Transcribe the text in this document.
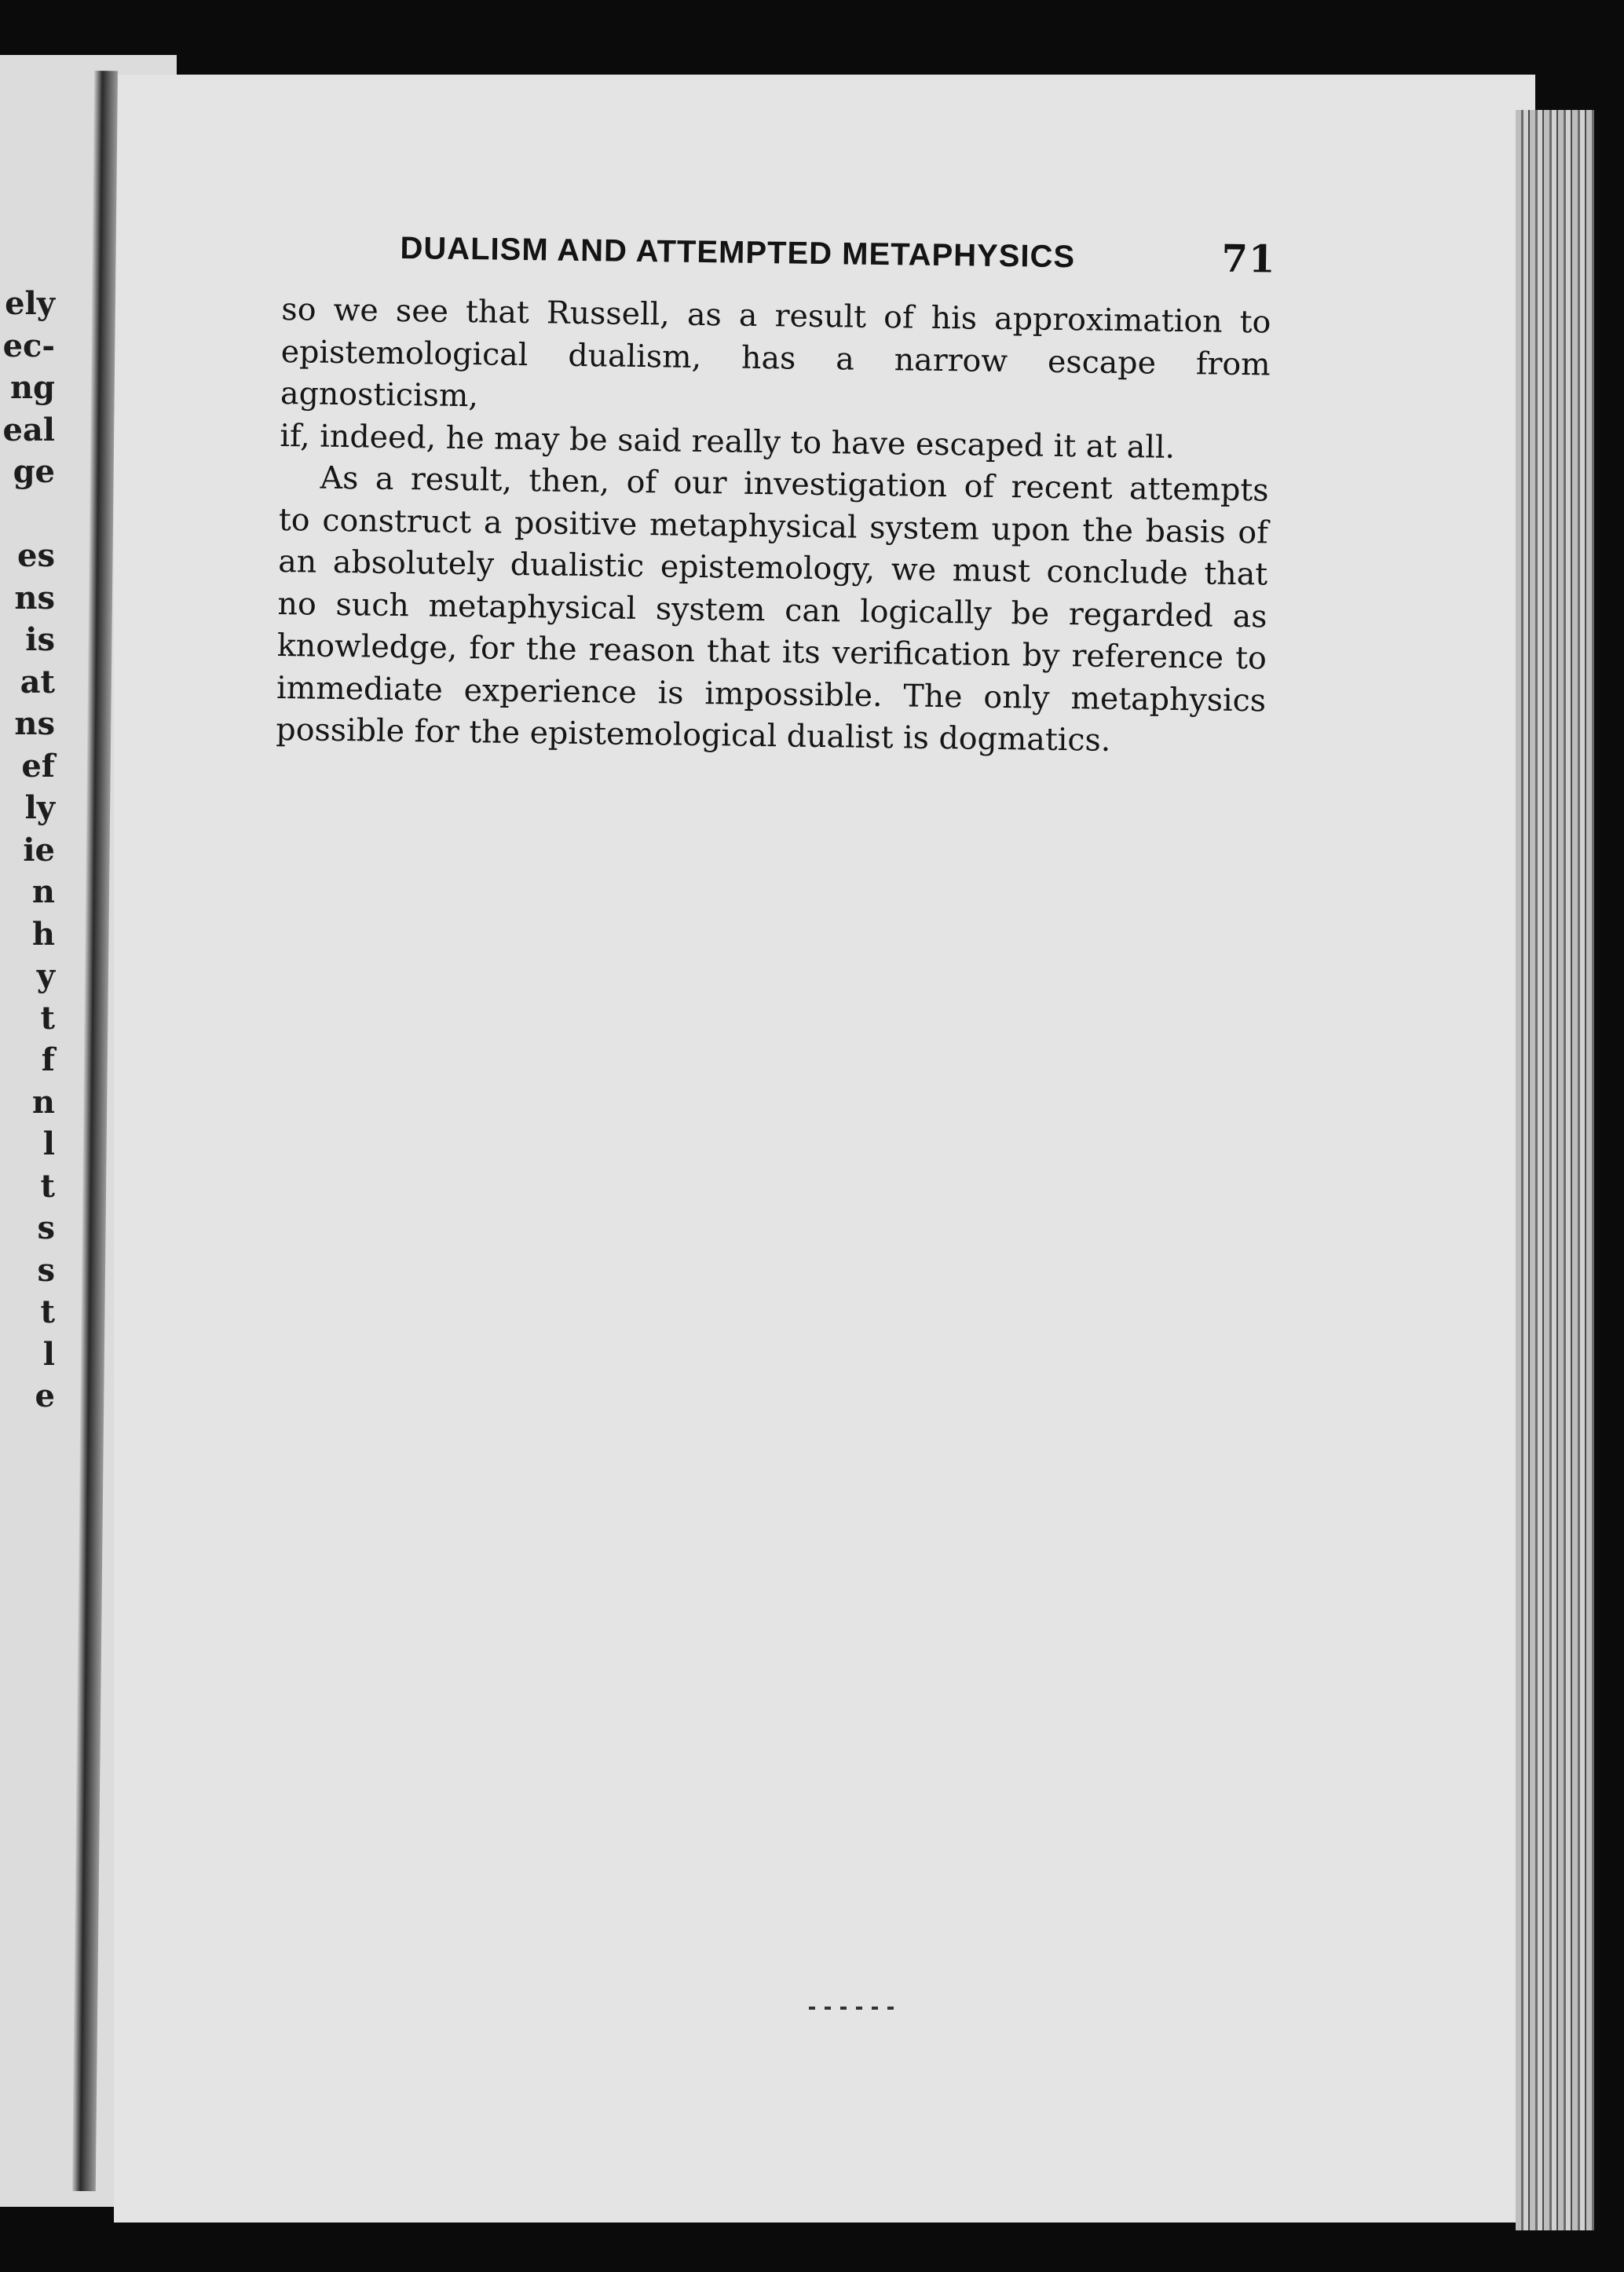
ely
ec-
ng
eal
ge

es
ns
is
at
ns
ef
ly
ie
n
h
y
t
f
n
l
t
s
s
t
l
e
DUALISM AND ATTEMPTED METAPHYSICS	71

so we see that Russell, as a result of his approximation to

epistemological dualism, has a narrow escape from agnosticism,

if, indeed, he may be said really to have escaped it at all.

As a result, then, of our investigation of recent attempts

to construct a positive metaphysical system upon the basis of

an absolutely dualistic epistemology, we must conclude that

no such metaphysical system can logically be regarded as

knowledge, for the reason that its verification by reference to

immediate experience is impossible. The only metaphysics

possible for the epistemological dualist is dogmatics.
